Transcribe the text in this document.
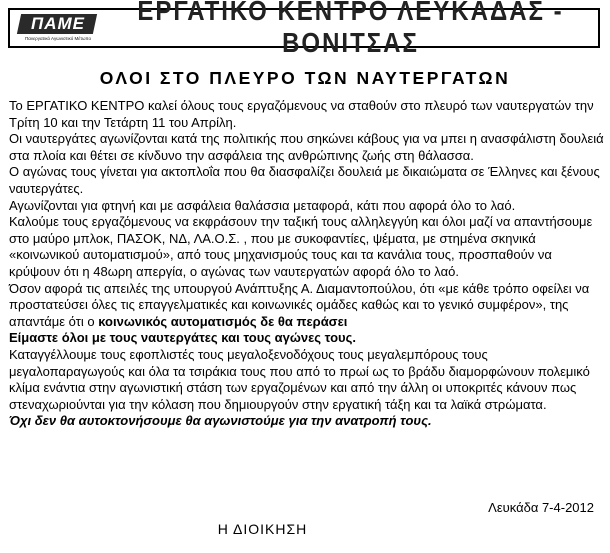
ΠΑΜΕ
Πανεργατικό Αγωνιστικό Μέτωπο
ΕΡΓΑΤΙΚΟ ΚΕΝΤΡΟ ΛΕΥΚΑΔΑΣ - ΒΟΝΙΤΣΑΣ
ΟΛΟΙ ΣΤΟ ΠΛΕΥΡΟ ΤΩΝ ΝΑΥΤΕΡΓΑΤΩΝ

Το ΕΡΓΑΤΙΚΟ ΚΕΝΤΡΟ καλεί όλους τους εργαζόμενους να σταθούν στο πλευρό των ναυτεργατών την Τρίτη 10 και την Τετάρτη 11 του Απρίλη.

Οι ναυτεργάτες αγωνίζονται κατά της πολιτικής που σηκώνει κάβους για να μπει η ανασφάλιστη δουλειά στα πλοία και θέτει σε κίνδυνο την ασφάλεια της ανθρώπινης ζωής στη θάλασσα.

Ο αγώνας τους γίνεται για ακτοπλοΐα που θα διασφαλίζει δουλειά με δικαιώματα σε Έλληνες και ξένους ναυτεργάτες.

Αγωνίζονται για φτηνή και με ασφάλεια θαλάσσια μεταφορά, κάτι που αφορά όλο το λαό.

Καλούμε τους εργαζόμενους να εκφράσουν την ταξική τους αλληλεγγύη και όλοι μαζί να απαντήσουμε στο μαύρο μπλοκ, ΠΑΣΟΚ, ΝΔ, ΛΑ.Ο.Σ. , που με συκοφαντίες, ψέματα, με στημένα σκηνικά «κοινωνικού αυτοματισμού», από τους μηχανισμούς τους και τα κανάλια τους, προσπαθούν να κρύψουν ότι η 48ωρη απεργία, ο αγώνας των ναυτεργατών αφορά όλο το λαό.

Όσον αφορά τις απειλές της υπουργού Ανάπτυξης Α. Διαμαντοπούλου, ότι «με κάθε τρόπο οφείλει να προστατεύσει όλες τις επαγγελματικές και κοινωνικές ομάδες καθώς και το γενικό συμφέρον», της απαντάμε ότι ο κοινωνικός αυτοματισμός δε θα περάσει

Είμαστε όλοι με τους ναυτεργάτες και τους αγώνες τους.

Καταγγέλλουμε τους εφοπλιστές τους μεγαλοξενοδόχους τους μεγαλεμπόρους τους μεγαλοπαραγωγούς και όλα τα τσιράκια τους που από το πρωί ως το βράδυ διαμορφώνουν πολεμικό κλίμα ενάντια στην αγωνιστική στάση των εργαζομένων και από την άλλη οι υποκριτές κάνουν πως στεναχωριούνται για την κόλαση που δημιουργούν στην εργατική τάξη και τα λαϊκά στρώματα.

Όχι δεν θα αυτοκτονήσουμε θα αγωνιστούμε για την ανατροπή τους.

Λευκάδα 7-4-2012
Η ΔΙΟΙΚΗΣΗ
